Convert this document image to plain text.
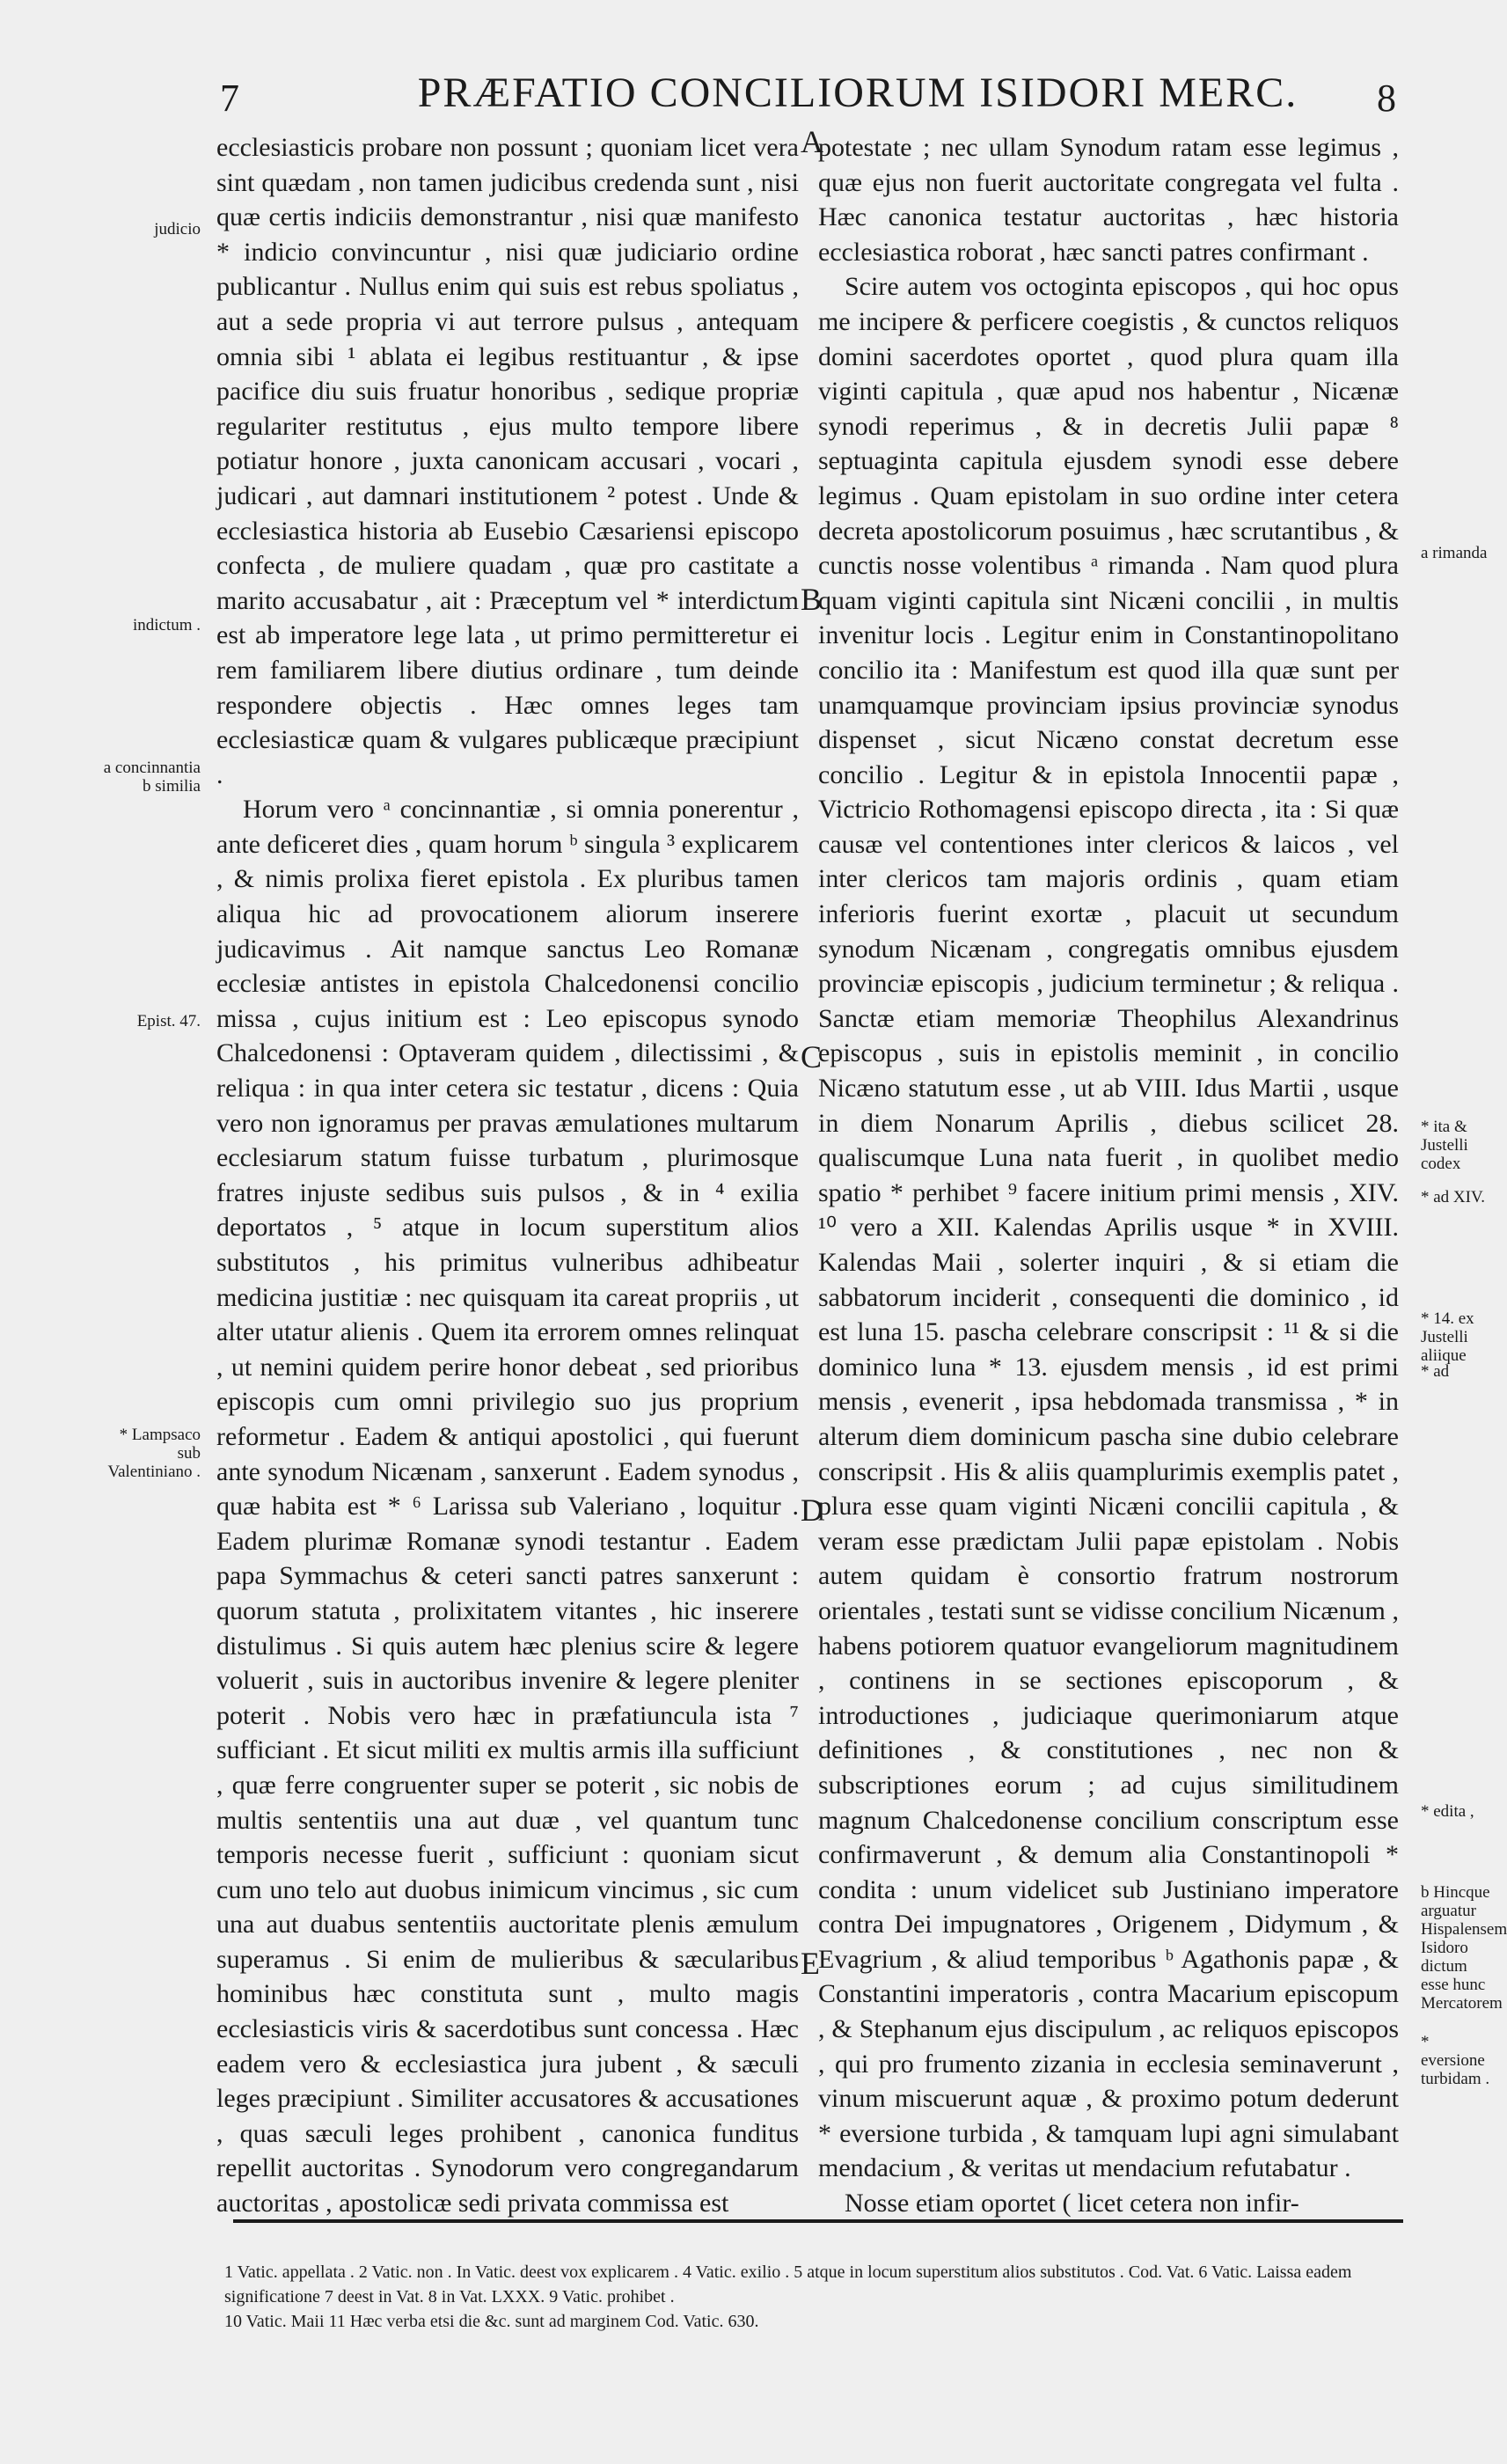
7	PRÆFATIO CONCILIORUM ISIDORI MERC.	8

ecclesiasticis probare non possunt ; quoniam licet vera sint quædam , non tamen judicibus credenda sunt , nisi quæ certis indiciis demonstrantur , nisi quæ manifesto * indicio convincuntur , nisi quæ judiciario ordine publicantur . Nullus enim qui suis est rebus spoliatus , aut a sede propria vi aut terrore pulsus , antequam omnia sibi ¹ ablata ei legibus restituantur , & ipse pacifice diu suis fruatur honoribus , sedique propriæ regulariter restitutus , ejus multo tempore libere potiatur honore , juxta canonicam accusari , vocari , judicari , aut damnari institutionem ² potest . Unde & ecclesiastica historia ab Eusebio Cæsariensi episcopo confecta , de muliere quadam , quæ pro castitate a marito accusabatur , ait : Præceptum vel * interdictum est ab imperatore lege lata , ut primo permitteretur ei rem familiarem libere diutius ordinare , tum deinde respondere objectis . Hæc omnes leges tam ecclesiasticæ quam & vulgares publicæque præcipiunt .

Horum vero ᵃ concinnantiæ , si omnia ponerentur , ante deficeret dies , quam horum ᵇ singula ³ explicarem , & nimis prolixa fieret epistola . Ex pluribus tamen aliqua hic ad provocationem aliorum inserere judicavimus . Ait namque sanctus Leo Romanæ ecclesiæ antistes in epistola Chalcedonensi concilio missa , cujus initium est : Leo episcopus synodo Chalcedonensi : Optaveram quidem , dilectissimi , & reliqua : in qua inter cetera sic testatur , dicens : Quia vero non ignoramus per pravas æmulationes multarum ecclesiarum statum fuisse turbatum , plurimosque fratres injuste sedibus suis pulsos , & in ⁴ exilia deportatos , ⁵ atque in locum superstitum alios substitutos , his primitus vulneribus adhibeatur medicina justitiæ : nec quisquam ita careat propriis , ut alter utatur alienis . Quem ita errorem omnes relinquat , ut nemini quidem perire honor debeat , sed prioribus episcopis cum omni privilegio suo jus proprium reformetur . Eadem & antiqui apostolici , qui fuerunt ante synodum Nicænam , sanxerunt . Eadem synodus , quæ habita est * ⁶ Larissa sub Valeriano , loquitur . Eadem plurimæ Romanæ synodi testantur . Eadem papa Symmachus & ceteri sancti patres sanxerunt : quorum statuta , prolixitatem vitantes , hic inserere distulimus . Si quis autem hæc plenius scire & legere voluerit , suis in auctoribus invenire & legere pleniter poterit . Nobis vero hæc in præfatiuncula ista ⁷ sufficiant . Et sicut militi ex multis armis illa sufficiunt , quæ ferre congruenter super se poterit , sic nobis de multis sententiis una aut duæ , vel quantum tunc temporis necesse fuerit , sufficiunt : quoniam sicut cum uno telo aut duobus inimicum vincimus , sic cum una aut duabus sententiis auctoritate plenis æmulum superamus . Si enim de mulieribus & sæcularibus hominibus hæc constituta sunt , multo magis ecclesiasticis viris & sacerdotibus sunt concessa . Hæc eadem vero & ecclesiastica jura jubent , & sæculi leges præcipiunt . Similiter accusatores & accusationes , quas sæculi leges prohibent , canonica funditus repellit auctoritas . Synodorum vero congregandarum auctoritas , apostolicæ sedi privata commissa est

potestate ; nec ullam Synodum ratam esse legimus , quæ ejus non fuerit auctoritate congregata vel fulta . Hæc canonica testatur auctoritas , hæc historia ecclesiastica roborat , hæc sancti patres confirmant .

Scire autem vos octoginta episcopos , qui hoc opus me incipere & perficere coegistis , & cunctos reliquos domini sacerdotes oportet , quod plura quam illa viginti capitula , quæ apud nos habentur , Nicænæ synodi reperimus , & in decretis Julii papæ ⁸ septuaginta capitula ejusdem synodi esse debere legimus . Quam epistolam in suo ordine inter cetera decreta apostolicorum posuimus , hæc scrutantibus , & cunctis nosse volentibus ᵃ rimanda . Nam quod plura quam viginti capitula sint Nicæni concilii , in multis invenitur locis . Legitur enim in Constantinopolitano concilio ita : Manifestum est quod illa quæ sunt per unamquamque provinciam ipsius provinciæ synodus dispenset , sicut Nicæno constat decretum esse concilio . Legitur & in epistola Innocentii papæ , Victricio Rothomagensi episcopo directa , ita : Si quæ causæ vel contentiones inter clericos & laicos , vel inter clericos tam majoris ordinis , quam etiam inferioris fuerint exortæ , placuit ut secundum synodum Nicænam , congregatis omnibus ejusdem provinciæ episcopis , judicium terminetur ; & reliqua . Sanctæ etiam memoriæ Theophilus Alexandrinus episcopus , suis in epistolis meminit , in concilio Nicæno statutum esse , ut ab VIII. Idus Martii , usque in diem Nonarum Aprilis , diebus scilicet 28. qualiscumque Luna nata fuerit , in quolibet medio spatio * perhibet ⁹ facere initium primi mensis , XIV. ¹⁰ vero a XII. Kalendas Aprilis usque * in XVIII. Kalendas Maii , solerter inquiri , & si etiam die sabbatorum inciderit , consequenti die dominico , id est luna 15. pascha celebrare conscripsit : ¹¹ & si die dominico luna * 13. ejusdem mensis , id est primi mensis , evenerit , ipsa hebdomada transmissa , * in alterum diem dominicum pascha sine dubio celebrare conscripsit . His & aliis quamplurimis exemplis patet , plura esse quam viginti Nicæni concilii capitula , & veram esse prædictam Julii papæ epistolam . Nobis autem quidam è consortio fratrum nostrorum orientales , testati sunt se vidisse concilium Nicænum , habens potiorem quatuor evangeliorum magnitudinem , continens in se sectiones episcoporum , & introductiones , judiciaque querimoniarum atque definitiones , & constitutiones , nec non & subscriptiones eorum ; ad cujus similitudinem magnum Chalcedonense concilium conscriptum esse confirmaverunt , & demum alia Constantinopoli * condita : unum videlicet sub Justiniano imperatore contra Dei impugnatores , Origenem , Didymum , & Evagrium , & aliud temporibus ᵇ Agathonis papæ , & Constantini imperatoris , contra Macarium episcopum , & Stephanum ejus discipulum , ac reliquos episcopos , qui pro frumento zizania in ecclesia seminaverunt , vinum miscuerunt aquæ , & proximo potum dederunt * eversione turbida , & tamquam lupi agni simulabant mendacium , & veritas ut mendacium refutabatur .

Nosse etiam oportet ( licet cetera non infir-

A
B
C
D
E
judicio
indictum .
a concinnantia
b similia
Epist. 47.
* Lampsaco sub Valentiniano .
a rimanda
* ita & Justelli codex
* ad XIV.
* 14. ex Justelli aliique
* ad
* edita ,
b Hincque arguatur Hispalensem Isidoro dictum esse hunc Mercatorem
* eversione turbidam .

1 Vatic. appellata . 2 Vatic. non . In Vatic. deest vox explicarem . 4 Vatic. exilio . 5 atque in locum superstitum alios substitutos . Cod. Vat. 6 Vatic. Laissa eadem significatione 7 deest in Vat. 8 in Vat. LXXX. 9 Vatic. prohibet .

10 Vatic. Maii 11 Hæc verba etsi die &c. sunt ad marginem Cod. Vatic. 630.
